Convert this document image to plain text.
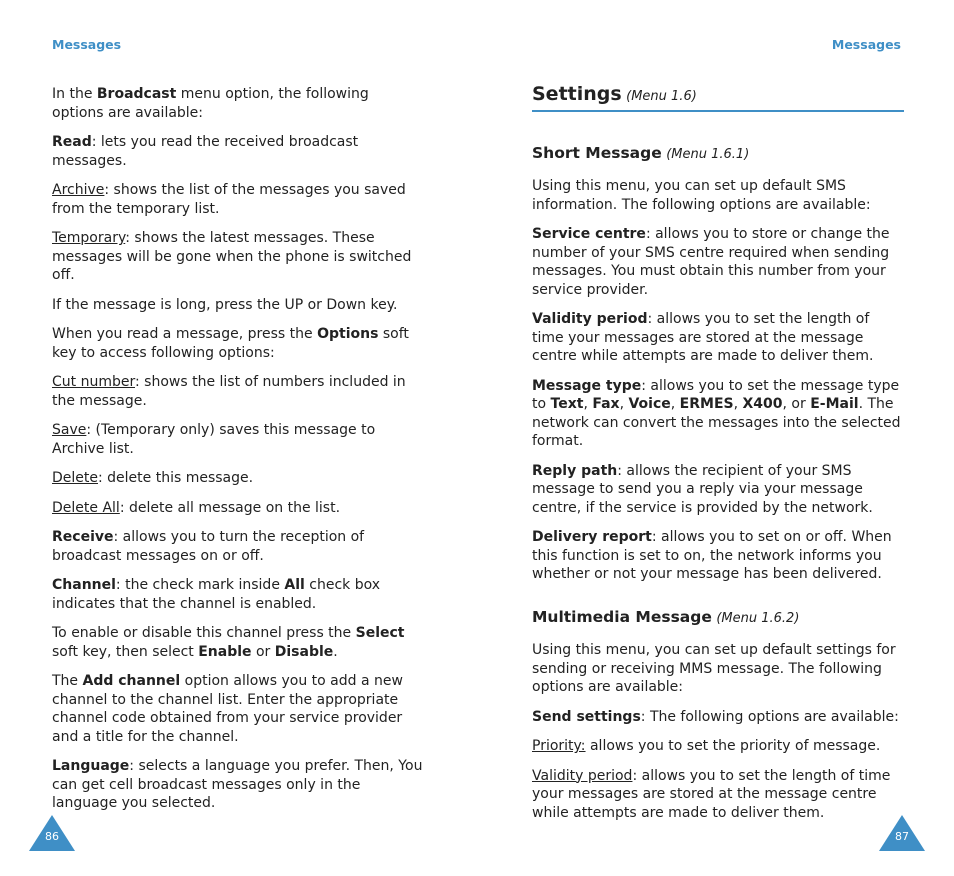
Messages	Messages

In the Broadcast menu option, the following options are available:

Read: lets you read the received broadcast messages.

Archive: shows the list of the messages you saved from the temporary list.

Temporary: shows the latest messages. These messages will be gone when the phone is switched off.

If the message is long, press the UP or Down key.

When you read a message, press the Options soft key to access following options:

Cut number: shows the list of numbers included in the message.

Save: (Temporary only) saves this message to Archive list.

Delete: delete this message.

Delete All: delete all message on the list.

Receive: allows you to turn the reception of broadcast messages on or off.

Channel: the check mark inside All check box indicates that the channel is enabled.

To enable or disable this channel press the Select soft key, then select Enable or Disable.

The Add channel option allows you to add a new channel to the channel list. Enter the appropriate channel code obtained from your service provider and a title for the channel.

Language: selects a language you prefer. Then, You can get cell broadcast messages only in the language you selected.

Settings (Menu 1.6)
Short Message (Menu 1.6.1)

Using this menu, you can set up default SMS information. The following options are available:

Service centre: allows you to store or change the number of your SMS centre required when sending messages. You must obtain this number from your service provider.

Validity period: allows you to set the length of time your messages are stored at the message centre while attempts are made to deliver them.

Message type: allows you to set the message type to Text, Fax, Voice, ERMES, X400, or E-Mail. The network can convert the messages into the selected format.

Reply path: allows the recipient of your SMS message to send you a reply via your message centre, if the service is provided by the network.

Delivery report: allows you to set on or off. When this function is set to on, the network informs you whether or not your message has been delivered.

Multimedia Message (Menu 1.6.2)

Using this menu, you can set up default settings for sending or receiving MMS message. The following options are available:

Send settings: The following options are available:

Priority: allows you to set the priority of message.

Validity period: allows you to set the length of time your messages are stored at the message centre while attempts are made to deliver them.

86	87
